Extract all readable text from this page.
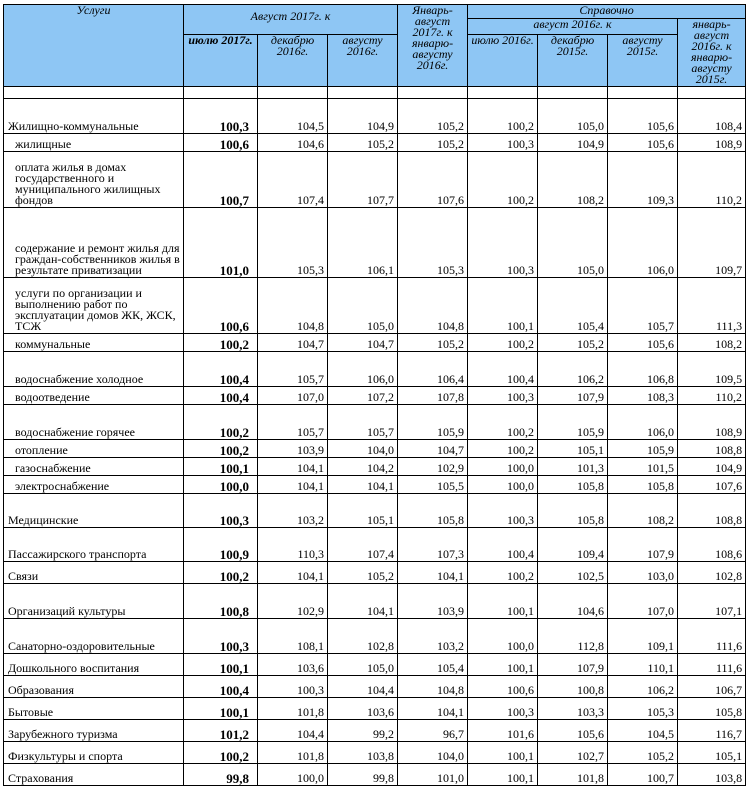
Услуги	Август 2017г. к			Январь-август 2017г. к январю-августу 2016г.	Справочно			
					август 2016г. к			январь-август 2016г. к январю-августу 2015г.
	июлю 2017г.	декабрю 2016г.	августу 2016г.		июлю 2016г.	декабрю 2015г.	августу 2015г.	

Жилищно-коммунальные	100,3	104,5	104,9	105,2	100,2	105,0	105,6	108,4
жилищные	100,6	104,6	105,2	105,2	100,3	104,9	105,6	108,9
оплата жилья в домах государственного и муниципального жилищных фондов	100,7	107,4	107,7	107,6	100,2	108,2	109,3	110,2
содержание и ремонт жилья для граждан-собственников жилья в результате приватизации	101,0	105,3	106,1	105,3	100,3	105,0	106,0	109,7
услуги по организации и выполнению работ по эксплуатации домов ЖК, ЖСК, ТСЖ	100,6	104,8	105,0	104,8	100,1	105,4	105,7	111,3
коммунальные	100,2	104,7	104,7	105,2	100,2	105,2	105,6	108,2
водоснабжение холодное	100,4	105,7	106,0	106,4	100,4	106,2	106,8	109,5
водоотведение	100,4	107,0	107,2	107,8	100,3	107,9	108,3	110,2
водоснабжение горячее	100,2	105,7	105,7	105,9	100,2	105,9	106,0	108,9
отопление	100,2	103,9	104,0	104,7	100,2	105,1	105,9	108,8
газоснабжение	100,1	104,1	104,2	102,9	100,0	101,3	101,5	104,9
электроснабжение	100,0	104,1	104,1	105,5	100,0	105,8	105,8	107,6
Медицинские	100,3	103,2	105,1	105,8	100,3	105,8	108,2	108,8
Пассажирского транспорта	100,9	110,3	107,4	107,3	100,4	109,4	107,9	108,6
Связи	100,2	104,1	105,2	104,1	100,2	102,5	103,0	102,8
Организаций культуры	100,8	102,9	104,1	103,9	100,1	104,6	107,0	107,1
Санаторно-оздоровительные	100,3	108,1	102,8	103,2	100,0	112,8	109,1	111,6
Дошкольного воспитания	100,1	103,6	105,0	105,4	100,1	107,9	110,1	111,6
Образования	100,4	100,3	104,4	104,8	100,6	100,8	106,2	106,7
Бытовые	100,1	101,8	103,6	104,1	100,3	103,3	105,3	105,8
Зарубежного туризма	101,2	104,4	99,2	96,7	101,6	105,6	104,5	116,7
Физкультуры и спорта	100,2	101,8	103,8	104,0	100,1	102,7	105,2	105,1
Страхования	99,8	100,0	99,8	101,0	100,1	101,8	100,7	103,8
